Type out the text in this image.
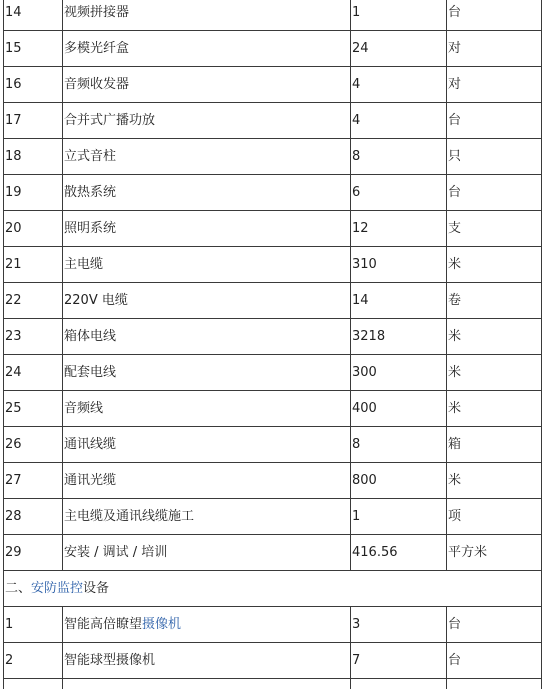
14	视频拼接器	1	台
15	多模光纤盒	24	对
16	音频收发器	4	对
17	合并式广播功放	4	台
18	立式音柱	8	只
19	散热系统	6	台
20	照明系统	12	支
21	主电缆	310	米
22	220V 电缆	14	卷
23	箱体电线	3218	米
24	配套电线	300	米
25	音频线	400	米
26	通讯线缆	8	箱
27	通讯光缆	800	米
28	主电缆及通讯线缆施工	1	项
29	安装 / 调试 / 培训	416.56	平方米
二、安防监控设备			
1	智能高倍瞭望摄像机	3	台
2	智能球型摄像机	7	台
